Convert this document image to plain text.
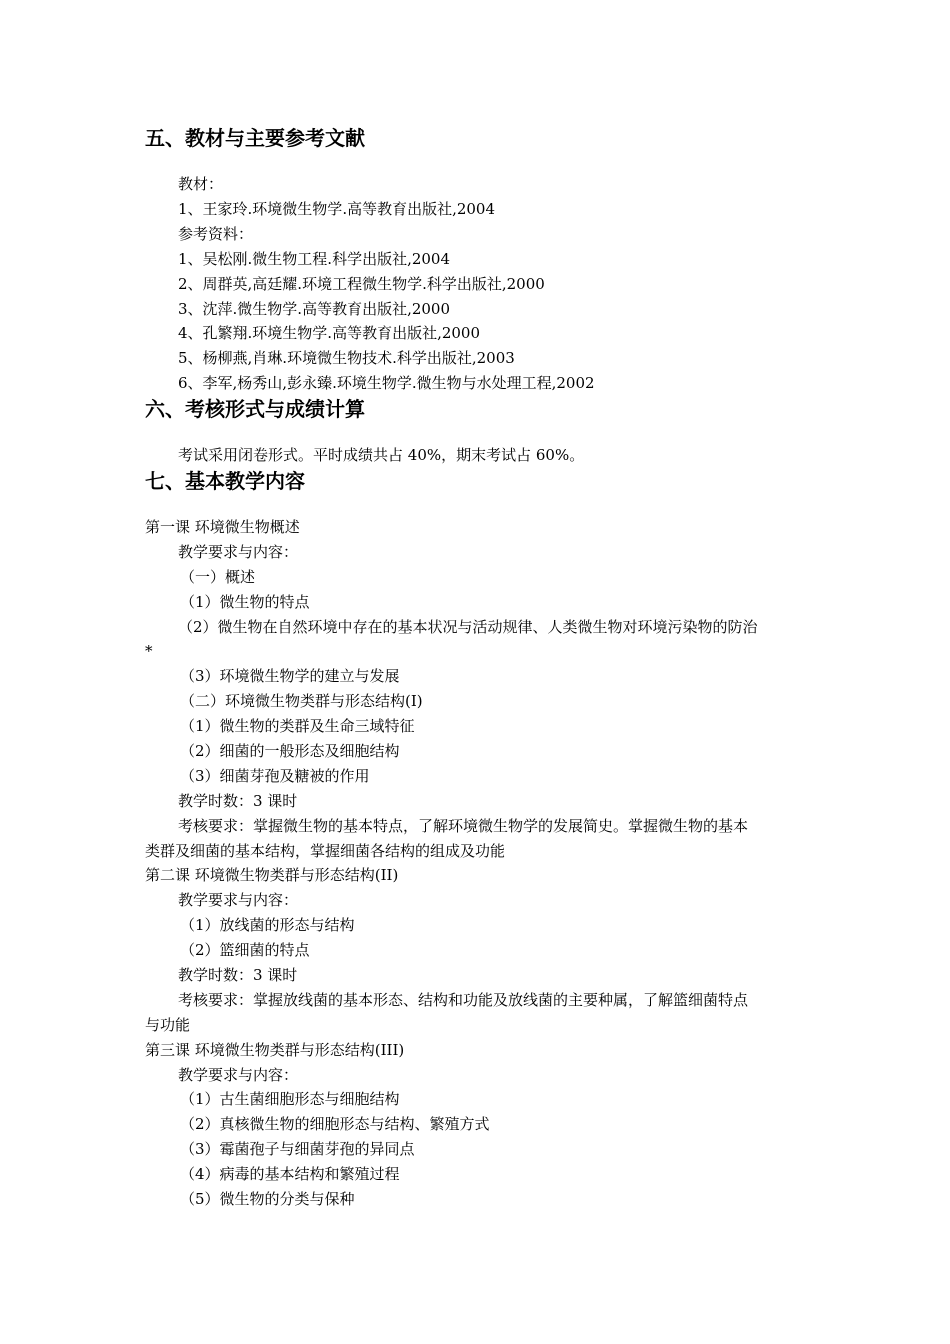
五、教材与主要参考文献
教材：
1、王家玲.环境微生物学.高等教育出版社,2004
参考资料：
1、吴松刚.微生物工程.科学出版社,2004
2、周群英,高廷耀.环境工程微生物学.科学出版社,2000
3、沈萍.微生物学.高等教育出版社,2000
4、孔繁翔.环境生物学.高等教育出版社,2000
5、杨柳燕,肖琳.环境微生物技术.科学出版社,2003
6、李军,杨秀山,彭永臻.环境生物学.微生物与水处理工程,2002
六、考核形式与成绩计算
考试采用闭卷形式。平时成绩共占 40%，期末考试占 60%。
七、基本教学内容
第一课 环境微生物概述
教学要求与内容：
（一）概述
（1）微生物的特点
（2）微生物在自然环境中存在的基本状况与活动规律、人类微生物对环境污染物的防治
*
（3）环境微生物学的建立与发展
（二）环境微生物类群与形态结构(I)
（1）微生物的类群及生命三域特征
（2）细菌的一般形态及细胞结构
（3）细菌芽孢及糖被的作用
教学时数：3 课时
考核要求：掌握微生物的基本特点，了解环境微生物学的发展简史。掌握微生物的基本
类群及细菌的基本结构，掌握细菌各结构的组成及功能
第二课 环境微生物类群与形态结构(II)
教学要求与内容：
（1）放线菌的形态与结构
（2）篮细菌的特点
教学时数：3 课时
考核要求：掌握放线菌的基本形态、结构和功能及放线菌的主要种属，了解篮细菌特点
与功能
第三课 环境微生物类群与形态结构(III)
教学要求与内容：
（1）古生菌细胞形态与细胞结构
（2）真核微生物的细胞形态与结构、繁殖方式
（3）霉菌孢子与细菌芽孢的异同点
（4）病毒的基本结构和繁殖过程
（5）微生物的分类与保种
